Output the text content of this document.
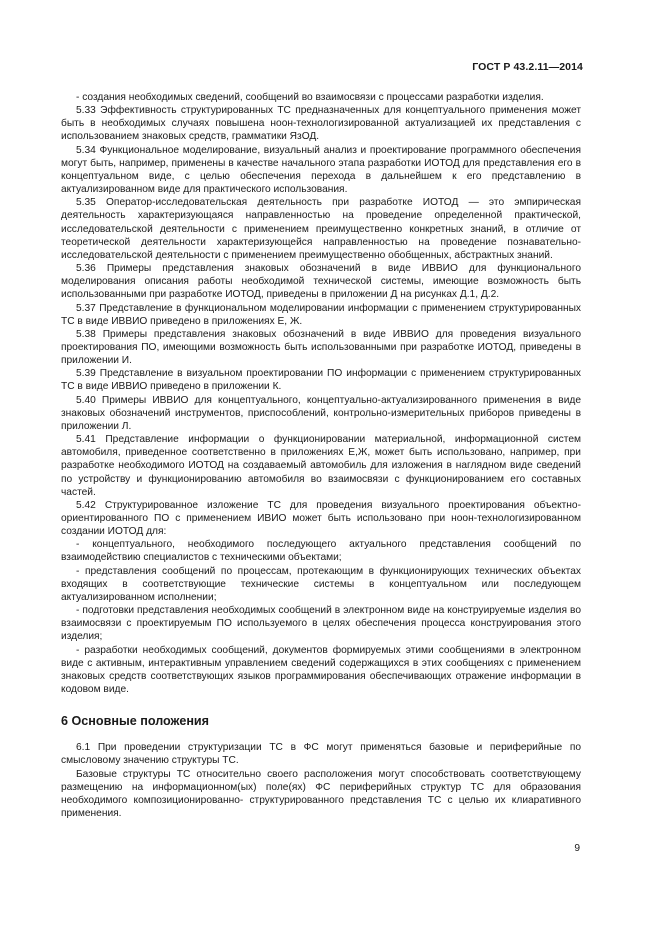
ГОСТ Р 43.2.11—2014

- создания необходимых сведений, сообщений во взаимосвязи с процессами разработки изделия.

5.33 Эффективность структурированных ТС предназначенных для концептуального применения может быть в необходимых случаях повышена ноон-технологизированной актуализацией их представления с использованием знаковых средств, грамматики ЯзОД.

5.34 Функциональное моделирование, визуальный анализ и проектирование программного обеспечения могут быть, например, применены в качестве начального этапа разработки ИОТОД для представления его в концептуальном виде, с целью обеспечения перехода в дальнейшем к его представлению в актуализированном виде для практического использования.

5.35 Оператор-исследовательская деятельность при разработке ИОТОД — это эмпирическая деятельность характеризующаяся направленностью на проведение определенной практической, исследовательской деятельности с применением преимущественно конкретных знаний, в отличие от теоретической деятельности характеризующейся направленностью на проведение познавательно-исследовательской деятельности с применением преимущественно обобщенных, абстрактных знаний.

5.36 Примеры представления знаковых обозначений в виде ИВВИО для функционального моделирования описания работы необходимой технической системы, имеющие возможность быть использованными при разработке ИОТОД, приведены в приложении Д на рисунках Д.1, Д.2.

5.37 Представление в функциональном моделировании информации с применением структурированных ТС в виде ИВВИО приведено в приложениях Е, Ж.

5.38 Примеры представления знаковых обозначений в виде ИВВИО для проведения визуального проектирования ПО, имеющими возможность быть использованными при разработке ИОТОД, приведены в приложении И.

5.39 Представление в визуальном проектировании ПО информации с применением структурированных ТС в виде ИВВИО приведено в приложении К.

5.40 Примеры ИВВИО для концептуального, концептуально-актуализированного применения в виде знаковых обозначений инструментов, приспособлений, контрольно-измерительных приборов приведены в приложении Л.

5.41 Представление информации о функционировании материальной, информационной систем автомобиля, приведенное соответственно в приложениях Е,Ж, может быть использовано, например, при разработке необходимого ИОТОД на создаваемый автомобиль для изложения в наглядном виде сведений по устройству и функционированию автомобиля во взаимосвязи с функционированием его составных частей.

5.42 Структурированное изложение ТС для проведения визуального проектирования объектно-ориентированного ПО с применением ИВИО может быть использовано при ноон-технологизированном создании ИОТОД для:

- концептуального, необходимого последующего актуального представления сообщений по взаимодействию специалистов с техническими объектами;

- представления сообщений по процессам, протекающим в функционирующих технических объектах входящих в соответствующие технические системы в концептуальном или последующем актуализированном исполнении;

- подготовки представления необходимых сообщений в электронном виде на конструируемые изделия во взаимосвязи с проектируемым ПО используемого в целях обеспечения процесса конструирования этого изделия;

- разработки необходимых сообщений, документов формируемых этими сообщениями в электронном виде с активным, интерактивным управлением сведений содержащихся в этих сообщениях с применением знаковых средств соответствующих языков программирования обеспечивающих отражение информации в кодовом виде.

6 Основные положения

6.1 При проведении структуризации ТС в ФС могут применяться базовые и периферийные по смысловому значению структуры ТС.

Базовые структуры ТС относительно своего расположения могут способствовать соответствующему размещению на информационном(ых) поле(ях) ФС периферийных структур ТС для образования необходимого композиционированно- структурированного представления ТС с целью их клиаративного применения.

9
